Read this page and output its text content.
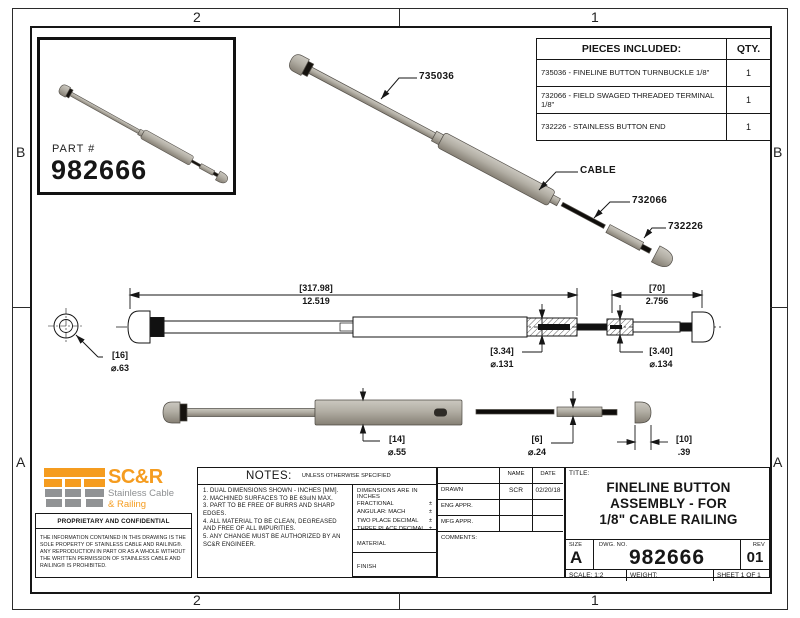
2	1
2	1
B
A
B
A
PART #
982666
PIECES INCLUDED:	QTY.
735036 - FINELINE BUTTON TURNBUCKLE 1/8"	1
732066 - FIELD SWAGED THREADED TERMINAL 1/8"	1
732226 - STAINLESS BUTTON END	1
735036
CABLE
732066
732226
[317.98]
12.519
[70]
2.756
[16]
⌀.63
[3.34]
⌀.131
[3.40]
⌀.134
[14]
⌀.55
[6]
⌀.24
[10]
.39
SC&R
Stainless Cable
& Railing
PROPRIETARY AND CONFIDENTIAL
THE INFORMATION CONTAINED IN THIS DRAWING IS THE SOLE PROPERTY OF STAINLESS CABLE AND RAILING®. ANY REPRODUCTION IN PART OR AS A WHOLE WITHOUT THE WRITTEN PERMISSION OF STAINLESS CABLE AND RAILING® IS PROHIBITED.
NOTES: UNLESS OTHERWISE SPECIFIED
1. DUAL DIMENSIONS SHOWN - INCHES [MM].
2. MACHINED SURFACES TO BE 63uIN MAX.
3. PART TO BE FREE OF BURRS AND SHARP EDGES.
4. ALL MATERIAL TO BE CLEAN, DEGREASED AND FREE OF ALL IMPURITIES.
5. ANY CHANGE MUST BE AUTHORIZED BY AN SC&R ENGINEER.
DIMENSIONS ARE IN INCHES
FRACTIONAL	±
ANGULAR: MACH	±
TWO PLACE DECIMAL ±
THREE PLACE DECIMAL ±
MATERIAL
FINISH
NAME	DATE
DRAWN	SCR	02/20/18
ENG APPR.
MFG APPR.
COMMENTS:
TITLE:
FINELINE BUTTON
ASSEMBLY - FOR
1/8" CABLE RAILING
SIZE
A
DWG. NO.
982666
REV
01
SCALE: 1:2	WEIGHT:	SHEET 1 OF 1
